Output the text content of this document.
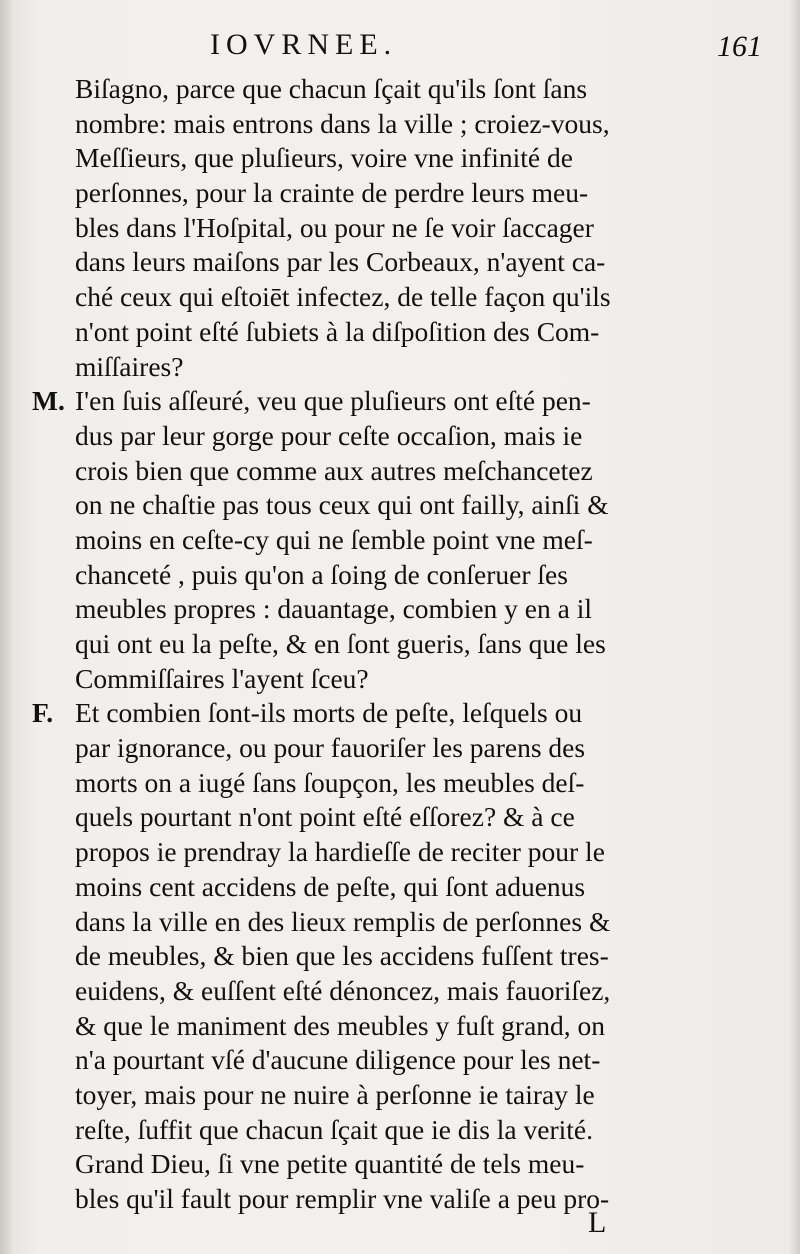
IOVRNEE.	161
Biſagno, parce que chacun ſçait qu'ils ſont ſans
nombre: mais entrons dans la ville ; croiez-vous,
Meſſieurs, que pluſieurs, voire vne infinité de
perſonnes, pour la crainte de perdre leurs meu-
bles dans l'Hoſpital, ou pour ne ſe voir ſaccager
dans leurs maiſons par les Corbeaux, n'ayent ca-
ché ceux qui eſtoiēt infectez, de telle façon qu'ils
n'ont point eſté ſubiets à la diſpoſition des Com-
miſſaires?
M. I'en ſuis aſſeuré, veu que pluſieurs ont eſté pen-
dus par leur gorge pour ceſte occaſion, mais ie
crois bien que comme aux autres meſchancetez
on ne chaſtie pas tous ceux qui ont failly, ainſi &
moins en ceſte-cy qui ne ſemble point vne meſ-
chanceté , puis qu'on a ſoing de conſeruer ſes
meubles propres : dauantage, combien y en a il
qui ont eu la peſte, & en ſont gueris, ſans que les
Commiſſaires l'ayent ſceu?
F. Et combien ſont-ils morts de peſte, leſquels ou
par ignorance, ou pour fauoriſer les parens des
morts on a iugé ſans ſoupçon, les meubles deſ-
quels pourtant n'ont point eſté eſſorez? & à ce
propos ie prendray la hardieſſe de reciter pour le
moins cent accidens de peſte, qui ſont aduenus
dans la ville en des lieux remplis de perſonnes &
de meubles, & bien que les accidens fuſſent tres-
euidens, & euſſent eſté dénoncez, mais fauoriſez,
& que le maniment des meubles y fuſt grand, on
n'a pourtant vſé d'aucune diligence pour les net-
toyer, mais pour ne nuire à perſonne ie tairay le
reſte, ſuffit que chacun ſçait que ie dis la verité.
Grand Dieu, ſi vne petite quantité de tels meu-
bles qu'il fault pour remplir vne valiſe a peu pro-
L
